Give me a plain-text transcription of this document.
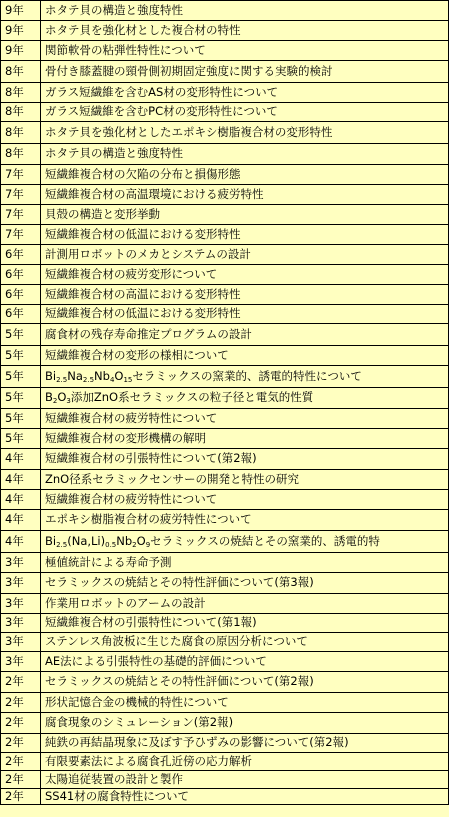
9年	ホタテ貝の構造と強度特性
9年	ホタテ貝を強化材とした複合材の特性
9年	関節軟骨の粘弾性特性について
8年	骨付き膝蓋腱の頸骨側初期固定強度に関する実験的検討
8年	ガラス短繊維を含むAS材の変形特性について
8年	ガラス短繊維を含むPC材の変形特性について
8年	ホタテ貝を強化材としたエポキシ樹脂複合材の変形特性
8年	ホタテ貝の構造と強度特性
7年	短繊維複合材の欠陥の分布と損傷形態
7年	短繊維複合材の高温環境における疲労特性
7年	貝殻の構造と変形挙動
7年	短繊維複合材の低温における変形特性
6年	計測用ロボットのメカとシステムの設計
6年	短繊維複合材の疲労変形について
6年	短繊維複合材の高温における変形特性
6年	短繊維複合材の低温における変形特性
5年	腐食材の残存寿命推定プログラムの設計
5年	短繊維複合材の変形の様相について
5年	$Bi_{2.5}Na_{2.5}Nb_4O_{15}$セラミックスの窯業的、誘電的特性について
5年	$B_2O_3$添加ZnO系セラミックスの粒子径と電気的性質
5年	短繊維複合材の疲労特性について
5年	短繊維複合材の変形機構の解明
4年	短繊維複合材の引張特性について(第2報)
4年	ZnO径系セラミックセンサーの開発と特性の研究
4年	短繊維複合材の疲労特性について
4年	エポキシ樹脂複合材の疲労特性について
4年	$Bi_{2.5}(Na,Li)_{0.5}Nb_2O_9$セラミックスの焼結とその窯業的、誘電的特
3年	極値統計による寿命予測
3年	セラミックスの焼結とその特性評価について(第3報)
3年	作業用ロボットのアームの設計
3年	短繊維複合材の引張特性について(第1報)
3年	ステンレス角波板に生じた腐食の原因分析について
3年	AE法による引張特性の基礎的評価について
2年	セラミックスの焼結とその特性評価について(第2報)
2年	形状記憶合金の機械的特性について
2年	腐食現象のシミュレーション(第2報)
2年	純鉄の再結晶現象に及ぼす予ひずみの影響について(第2報)
2年	有限要素法による腐食孔近傍の応力解析
2年	太陽追従装置の設計と製作
2年	SS41材の腐食特性について
